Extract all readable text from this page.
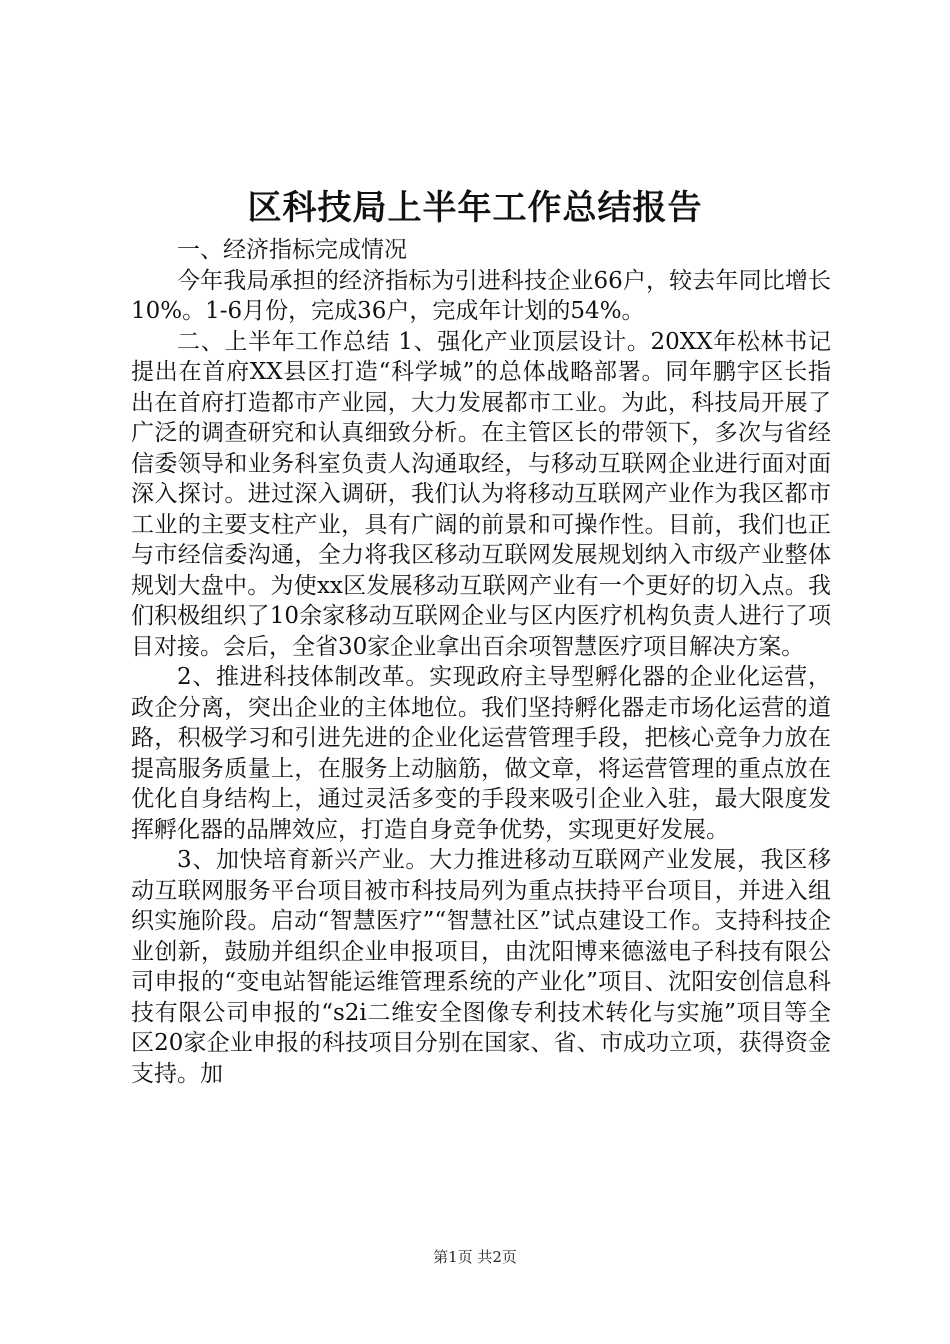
区科技局上半年工作总结报告

一、经济指标完成情况

今年我局承担的经济指标为引进科技企业66户，较去年同比增长10%。1-6月份，完成36户，完成年计划的54%。

二、上半年工作总结 1、强化产业顶层设计。20XX年松林书记提出在首府XX县区打造“科学城”的总体战略部署。同年鹏宇区长指出在首府打造都市产业园，大力发展都市工业。为此，科技局开展了广泛的调查研究和认真细致分析。在主管区长的带领下，多次与省经信委领导和业务科室负责人沟通取经，与移动互联网企业进行面对面深入探讨。进过深入调研，我们认为将移动互联网产业作为我区都市工业的主要支柱产业，具有广阔的前景和可操作性。目前，我们也正与市经信委沟通，全力将我区移动互联网发展规划纳入市级产业整体规划大盘中。为使xx区发展移动互联网产业有一个更好的切入点。我们积极组织了10余家移动互联网企业与区内医疗机构负责人进行了项目对接。会后，全省30家企业拿出百余项智慧医疗项目解决方案。

2、推进科技体制改革。实现政府主导型孵化器的企业化运营，政企分离，突出企业的主体地位。我们坚持孵化器走市场化运营的道路，积极学习和引进先进的企业化运营管理手段，把核心竞争力放在提高服务质量上，在服务上动脑筋，做文章，将运营管理的重点放在优化自身结构上，通过灵活多变的手段来吸引企业入驻，最大限度发挥孵化器的品牌效应，打造自身竞争优势，实现更好发展。

3、加快培育新兴产业。大力推进移动互联网产业发展，我区移动互联网服务平台项目被市科技局列为重点扶持平台项目，并进入组织实施阶段。启动“智慧医疗”“智慧社区”试点建设工作。支持科技企业创新，鼓励并组织企业申报项目，由沈阳博来德滋电子科技有限公司申报的“变电站智能运维管理系统的产业化”项目、沈阳安创信息科技有限公司申报的“s2i二维安全图像专利技术转化与实施”项目等全区20家企业申报的科技项目分别在国家、省、市成功立项，获得资金支持。加

第1页 共2页
